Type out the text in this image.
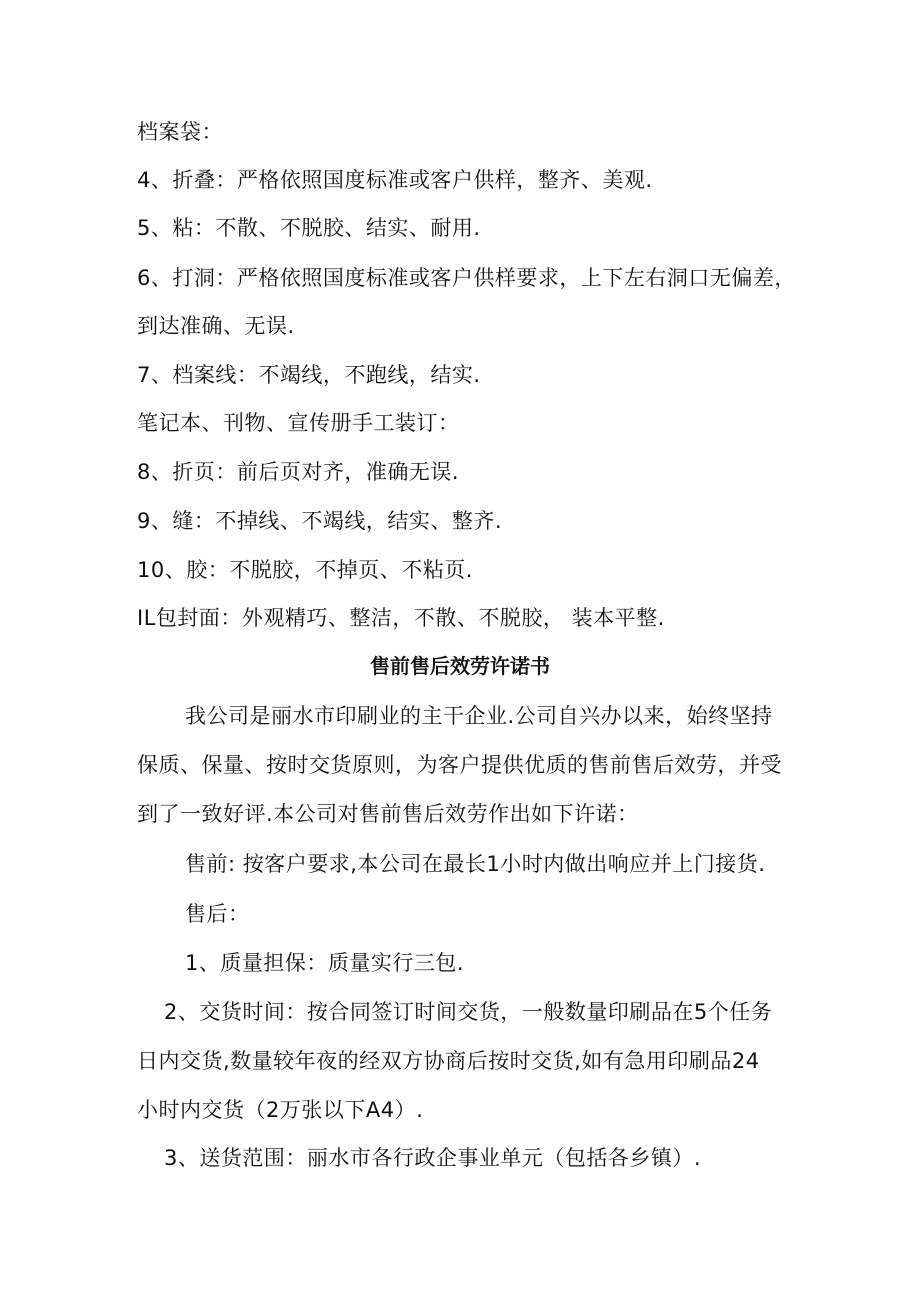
档案袋：
4、折叠：严格依照国度标准或客户供样，整齐、美观.
5、粘：不散、不脱胶、结实、耐用.
6、打洞：严格依照国度标准或客户供样要求，上下左右洞口无偏差，
到达准确、无误.
7、档案线：不竭线，不跑线，结实.
笔记本、刊物、宣传册手工装订：
8、折页：前后页对齐，准确无误.
9、缝：不掉线、不竭线，结实、整齐.
10、胶：不脱胶，不掉页、不粘页.
IL包封面：外观精巧、整洁，不散、不脱胶， 装本平整.
售前售后效劳许诺书
我公司是丽水市印刷业的主干企业.公司自兴办以来，始终坚持
保质、保量、按时交货原则，为客户提供优质的售前售后效劳，并受
到了一致好评.本公司对售前售后效劳作出如下许诺：
售前: 按客户要求,本公司在最长1小时内做出响应并上门接货.
售后：
1、质量担保：质量实行三包.
2、交货时间：按合同签订时间交货，一般数量印刷品在5个任务
日内交货,数量较年夜的经双方协商后按时交货,如有急用印刷品24
小时内交货（2万张以下A4）.
3、送货范围：丽水市各行政企事业单元（包括各乡镇）.
